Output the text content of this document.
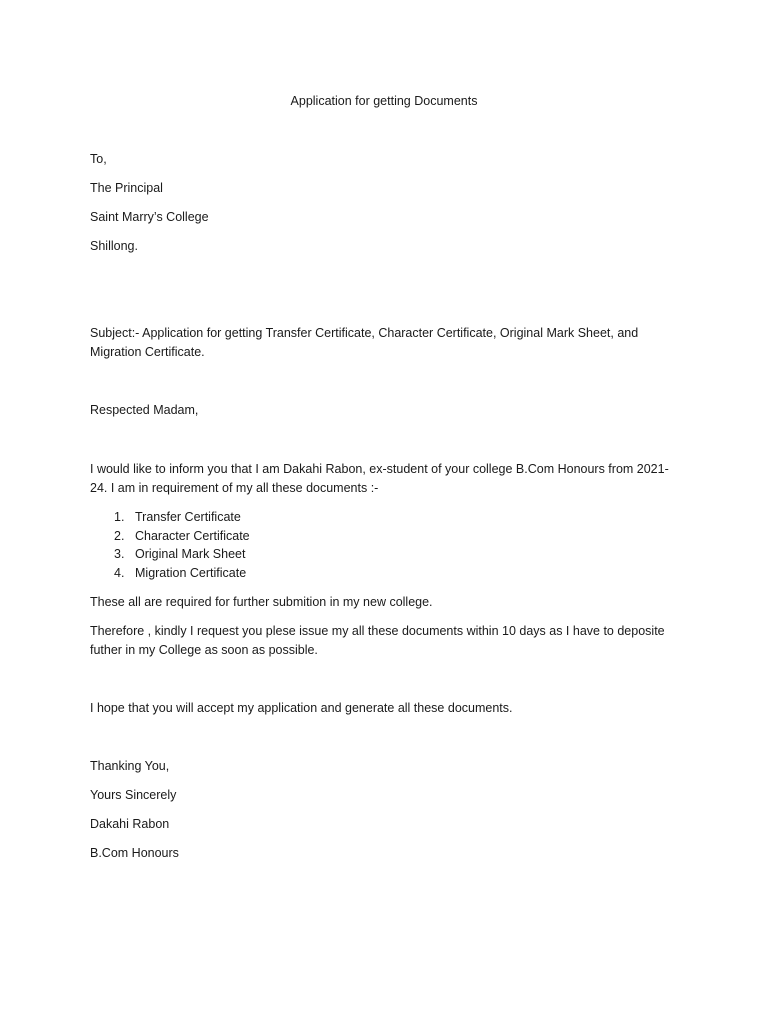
Application for getting Documents
To,
The Principal
Saint Marry’s College
Shillong.
Subject:- Application for getting Transfer Certificate, Character Certificate, Original Mark Sheet, and
Migration Certificate.
Respected Madam,
I would like to inform you that I am Dakahi Rabon, ex-student of your college B.Com Honours from 2021-
24. I am in requirement of my all these documents :-
1. Transfer Certificate
2. Character Certificate
3. Original Mark Sheet
4. Migration Certificate
These all are required for further submition in my new college.
Therefore , kindly I request you plese issue my all these documents within 10 days as I have to deposite
futher in my College as soon as possible.
I hope that you will accept my application and generate all these documents.
Thanking You,
Yours Sincerely
Dakahi Rabon
B.Com Honours
